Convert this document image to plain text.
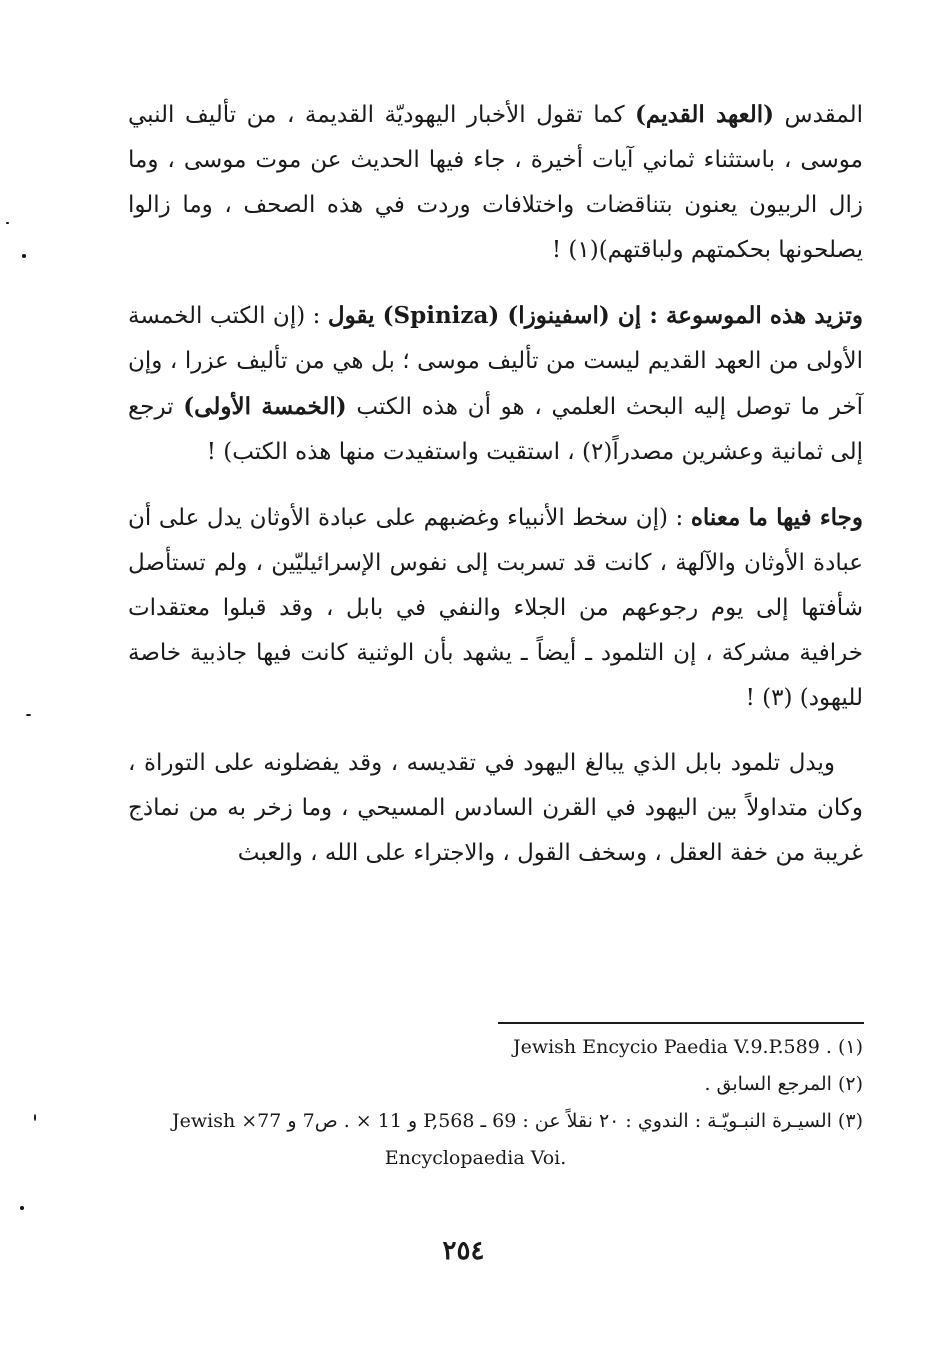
المقدس (العهد القديم) كما تقول الأخبار اليهوديّة القديمة ، من تأليف النبي موسى ، باستثناء ثماني آيات أخيرة ، جاء فيها الحديث عن موت موسى ، وما زال الربيون يعنون بتناقضات واختلافات وردت في هذه الصحف ، وما زالوا يصلحونها بحكمتهم ولباقتهم)(١) !

وتزيد هذه الموسوعة : إن (اسفينوزا) (Spiniza) يقول : (إن الكتب الخمسة الأولى من العهد القديم ليست من تأليف موسى ؛ بل هي من تأليف عزرا ، وإن آخر ما توصل إليه البحث العلمي ، هو أن هذه الكتب (الخمسة الأولى) ترجع إلى ثمانية وعشرين مصدراً(٢) ، استقيت واستفيدت منها هذه الكتب) !

وجاء فيها ما معناه : (إن سخط الأنبياء وغضبهم على عبادة الأوثان يدل على أن عبادة الأوثان والآلهة ، كانت قد تسربت إلى نفوس الإسرائيليّين ، ولم تستأصل شأفتها إلى يوم رجوعهم من الجلاء والنفي في بابل ، وقد قبلوا معتقدات خرافية مشركة ، إن التلمود ـ أيضاً ـ يشهد بأن الوثنية كانت فيها جاذبية خاصة لليهود) (٣) !

ويدل تلمود بابل الذي يبالغ اليهود في تقديسه ، وقد يفضلونه على التوراة ، وكان متداولاً بين اليهود في القرن السادس المسيحي ، وما زخر به من نماذج غريبة من خفة العقل ، وسخف القول ، والاجتراء على الله ، والعبث

(١) Jewish Encycio Paedia V.9.P.589 .

(٢) المرجع السابق .

(٣) السيـرة النبـويّـة : الندوي : ٢٠ نقلاً عن : 69 ـ P,568 و 11 × . ص7 و 77× Jewish

Encyclopaedia Voi.

٢٥٤
